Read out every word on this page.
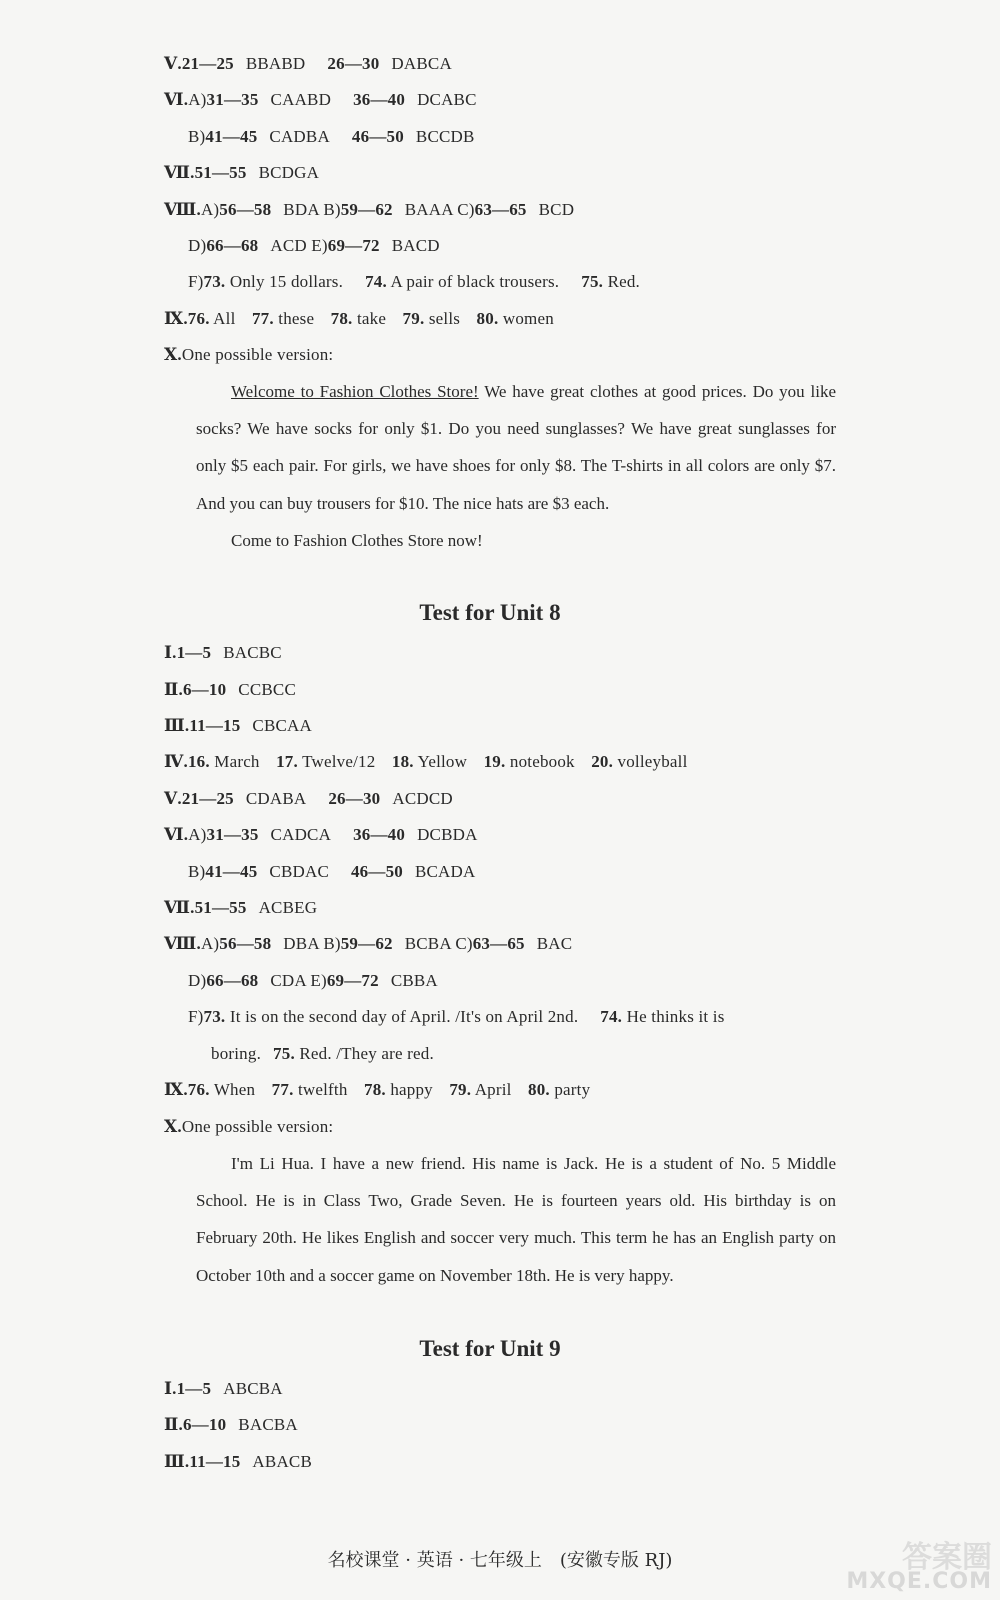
Ⅴ.21—25 BBABD 26—30 DABCA
Ⅵ.A)31—35 CAABD 36—40 DCABC
B)41—45 CADBA 46—50 BCCDB
Ⅶ.51—55 BCDGA
Ⅷ.A)56—58 BDA B)59—62 BAAA C)63—65 BCD
D)66—68 ACD E)69—72 BACD
F)73. Only 15 dollars. 74. A pair of black trousers. 75. Red.
Ⅸ.76. All 77. these 78. take 79. sells 80. women
Ⅹ.One possible version:
Welcome to Fashion Clothes Store! We have great clothes at good prices. Do you like socks? We have socks for only $1. Do you need sunglasses? We have great sunglasses for only $5 each pair. For girls, we have shoes for only $8. The T-shirts in all colors are only $7. And you can buy trousers for $10. The nice hats are $3 each.
Come to Fashion Clothes Store now!
Test for Unit 8
Ⅰ.1—5 BACBC
Ⅱ.6—10 CCBCC
Ⅲ.11—15 CBCAA
Ⅳ.16. March 17. Twelve/12 18. Yellow 19. notebook 20. volleyball
Ⅴ.21—25 CDABA 26—30 ACDCD
Ⅵ.A)31—35 CADCA 36—40 DCBDA
B)41—45 CBDAC 46—50 BCADA
Ⅶ.51—55 ACBEG
Ⅷ.A)56—58 DBA B)59—62 BCBA C)63—65 BAC
D)66—68 CDA E)69—72 CBBA
F)73. It is on the second day of April. /It's on April 2nd. 74. He thinks it is
boring. 75. Red. /They are red.
Ⅸ.76. When 77. twelfth 78. happy 79. April 80. party
Ⅹ.One possible version:
I'm Li Hua. I have a new friend. His name is Jack. He is a student of No. 5 Middle School. He is in Class Two, Grade Seven. He is fourteen years old. His birthday is on February 20th. He likes English and soccer very much. This term he has an English party on October 10th and a soccer game on November 18th. He is very happy.
Test for Unit 9
Ⅰ.1—5 ABCBA
Ⅱ.6—10 BACBA
Ⅲ.11—15 ABACB
名校课堂 · 英语 · 七年级上　(安徽专版 RJ)	答案圈
MXQE.COM
